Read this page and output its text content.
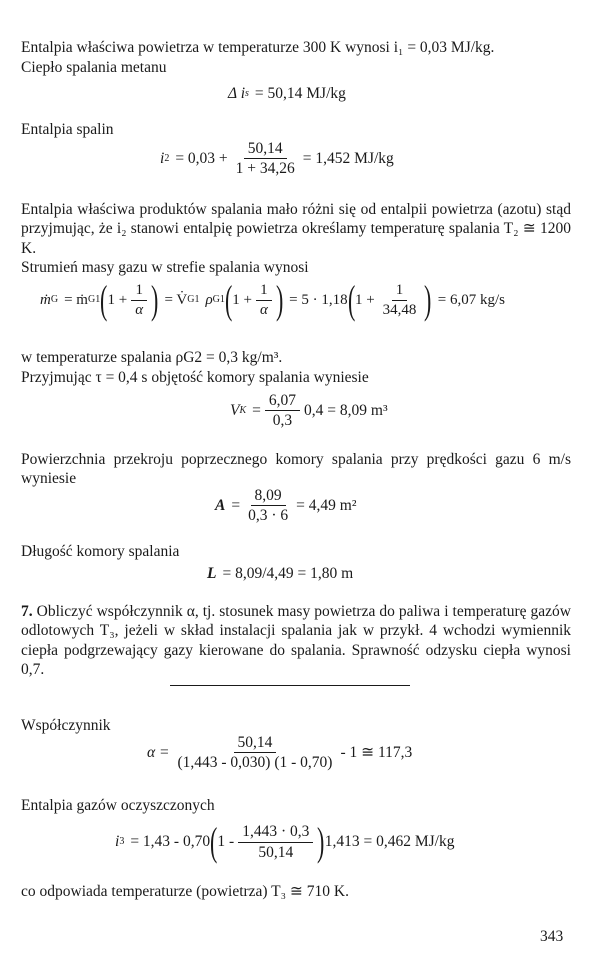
Entalpia właściwa powietrza w temperaturze 300 K wynosi i₁ = 0,03 MJ/kg.

Ciepło spalania metanu

Δ i s = 50,14 MJ/kg

Entalpia spalin

i $2 = 0,03 + \frac{50,14}{1 + 34,26} = 1,452$ MJ/kg

Entalpia właściwa produktów spalania mało różni się od entalpii powietrza (azotu) stąd przyjmując, że i₂ stanowi entalpię powietrza określamy temperaturę spalania T₂ ≅ 1200 K.

Strumień masy gazu w strefie spalania wynosi

ṁ G = ṁ G1 ( $1 + \frac{1}{\alpha}$ ) = V̇ G1 ρ G1 ( $1 + \frac{1}{\alpha}$ ) = 5 · 1,18 ( $1 + \frac{1}{34,48}$ ) = 6,07 kg/s

w temperaturze spalania ρG2 = 0,3 kg/m³.

Przyjmując τ = 0,4 s objętość komory spalania wyniesie

V $K = \frac{6,07}{0,3} 0,4 = 8,09$ m³

Powierzchnia przekroju poprzecznego komory spalania przy prędkości gazu 6 m/s wyniesie

$A = \frac{8,09}{0,3 \cdot 6} = 4,49$ m²

Długość komory spalania

L = 8,09/4,49 = 1,80 m

7. Obliczyć współczynnik α, tj. stosunek masy powietrza do paliwa i temperaturę gazów odlotowych T₃, jeżeli w skład instalacji spalania jak w przykł. 4 wchodzi wymiennik ciepła podgrzewający gazy kierowane do spalania. Sprawność odzysku ciepła wynosi 0,7.

Współczynnik

$\alpha = \frac{50,14}{(1,443 - 0,030) (1 - 0,70)} - 1$ ≅ 117,3

Entalpia gazów oczyszczonych

i 3 = 1,43 - 0,70 ( $1 - \frac{1,443 \cdot 0,3}{50,14}$ ) 1,413 = 0,462 MJ/kg

co odpowiada temperaturze (powietrza) T₃ ≅ 710 K.

343
